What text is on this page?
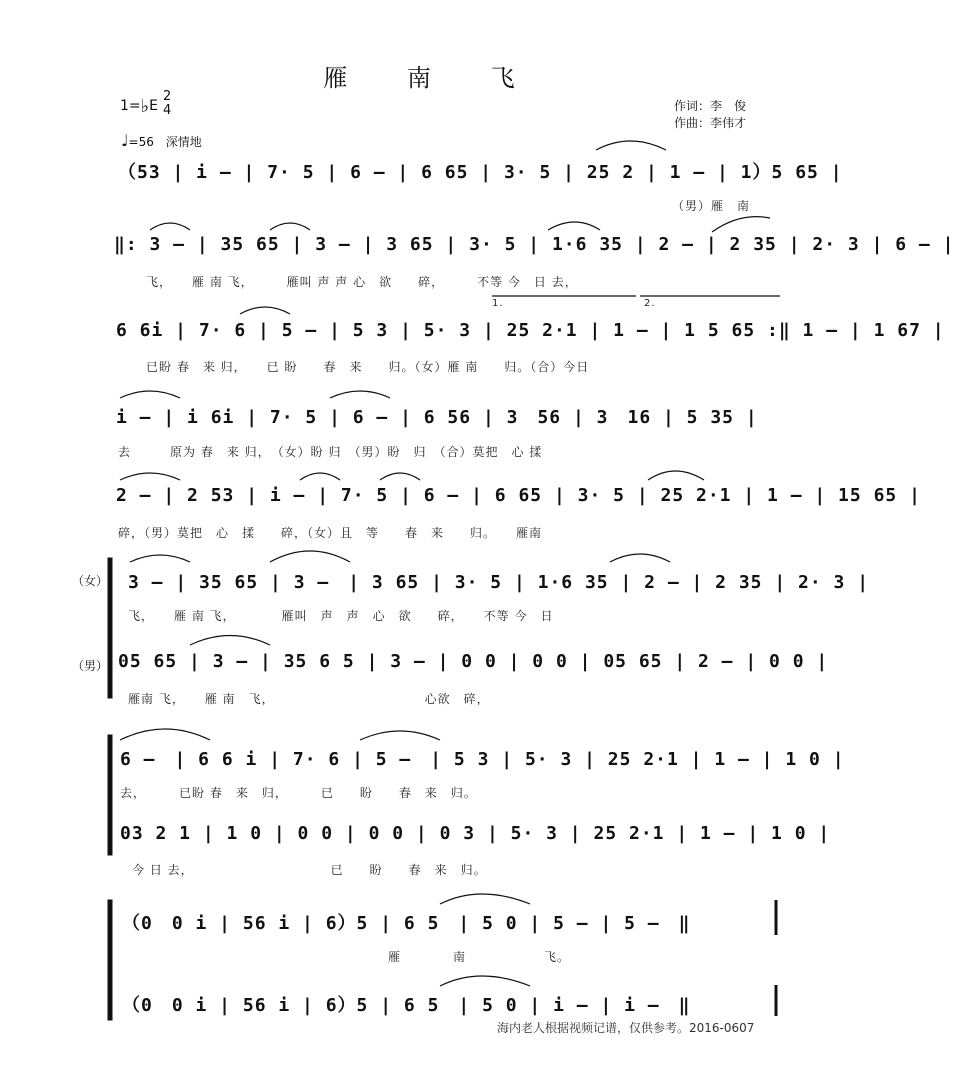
雁 南 飞
1=♭E
2
4
♩=56 深情地
作词：李　俊
作曲：李伟才
（53 | i – | 7· 5 | 6 – | 6 65 | 3· 5 | 25 2 | 1 – | 1）5 65 |
（男）雁　南
‖: 3 – | 35 65 | 3 – | 3 65 | 3· 5 | 1·6 35 | 2 – | 2 35 | 2· 3 | 6 – |
飞，　　雁 南 飞，　　　雁叫 声 声 心　欲　　碎，　　　不等 今　日 去，
1.	2.
6 6i | 7· 6 | 5 – | 5 3 | 5· 3 | 25 2·1 | 1 – | 1 5 65 :‖ 1 – | 1 67 |
已盼 春　来 归，　　已 盼　　春　来　　归。（女）雁 南　　归。（合）今日
i – | i 6i | 7· 5 | 6 – | 6 56 | 3　56 | 3　16 | 5 35 |
去　　　原为 春　来 归，　（女）盼 归　（男）盼　归　（合）莫把　心 揉
2 – | 2 53 | i – | 7· 5 | 6 – | 6 65 | 3· 5 | 25 2·1 | 1 – | 15 65 |
碎，（男）莫把　心　揉　　碎，（女）且　等　　春　来　　归。　　雁南
（女） 3 – | 35 65 | 3 –　| 3 65 | 3· 5 | 1·6 35 | 2 – | 2 35 | 2· 3 |
飞，　　雁 南 飞，　　　　雁叫　声　声　心　欲　　碎，　　不等 今　日
（男） 05 65 | 3 – | 35 6 5 | 3 – | 0 0 | 0 0 | 05 65 | 2 – | 0 0 |
雁南 飞，　　雁 南　飞，　　　　　　　　　　　　心欲　碎，
6 –　| 6 6 i | 7· 6 | 5 –　| 5 3 | 5· 3 | 25 2·1 | 1 – | 1 0 |
去，　　　已盼 春　来　归，　　　已　　盼　　春　来　归。
03 2 1 | 1 0 | 0 0 | 0 0 | 0 3 | 5· 3 | 25 2·1 | 1 – | 1 0 |
今 日 去，　　　　　　　　　　　已　　盼　　春　来　归。
（0　0 i | 56 i | 6）5 | 6 5　| 5 0 | 5 – | 5 –　‖
雁　　　　南　　　　　　飞。
（0　0 i | 56 i | 6）5 | 6 5　| 5 0 | i – | i –　‖
海内老人根据视频记谱，仅供参考。2016-0607
